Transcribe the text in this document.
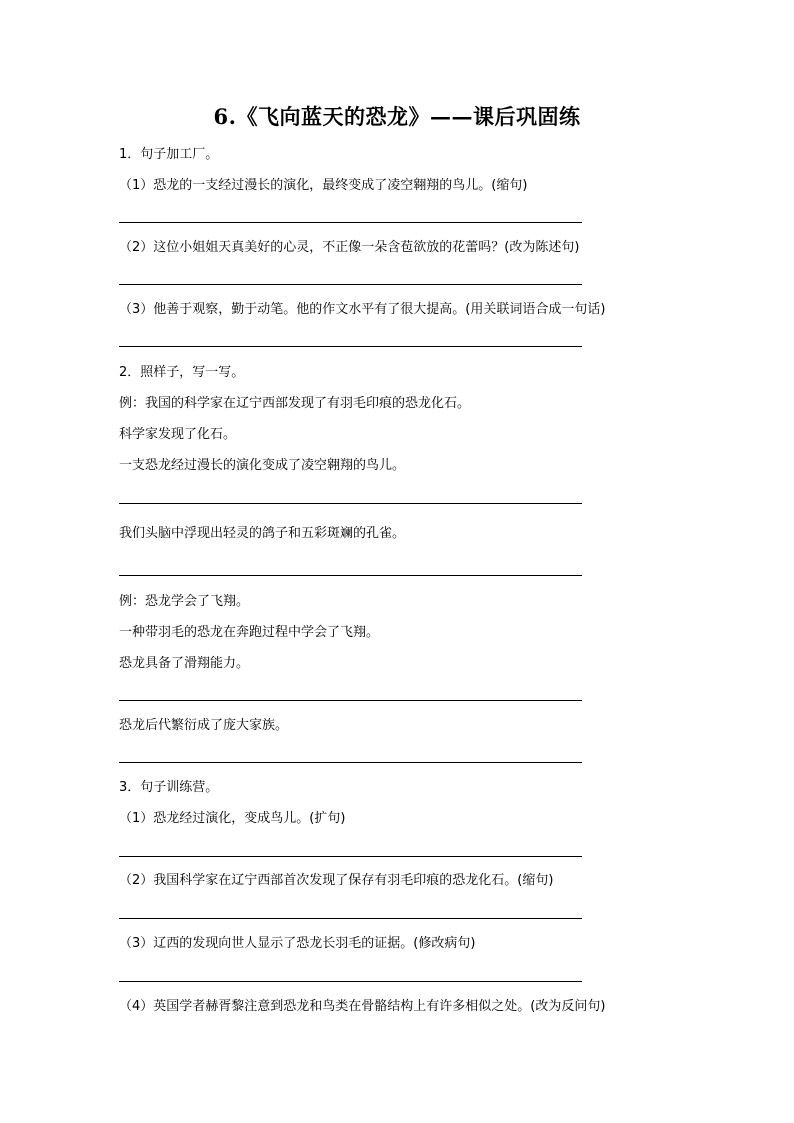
6.《飞向蓝天的恐龙》——课后巩固练
1．句子加工厂。
（1）恐龙的一支经过漫长的演化，最终变成了凌空翱翔的鸟儿。(缩句)
（2）这位小姐姐天真美好的心灵，不正像一朵含苞欲放的花蕾吗？(改为陈述句)
（3）他善于观察，勤于动笔。他的作文水平有了很大提高。(用关联词语合成一句话)
2．照样子，写一写。
例：我国的科学家在辽宁西部发现了有羽毛印痕的恐龙化石。
科学家发现了化石。
一支恐龙经过漫长的演化变成了凌空翱翔的鸟儿。
我们头脑中浮现出轻灵的鸽子和五彩斑斓的孔雀。
例：恐龙学会了飞翔。
一种带羽毛的恐龙在奔跑过程中学会了飞翔。
恐龙具备了滑翔能力。
恐龙后代繁衍成了庞大家族。
3．句子训练营。
（1）恐龙经过演化，变成鸟儿。(扩句)
（2）我国科学家在辽宁西部首次发现了保存有羽毛印痕的恐龙化石。(缩句)
（3）辽西的发现向世人显示了恐龙长羽毛的证据。(修改病句)
（4）英国学者赫胥黎注意到恐龙和鸟类在骨骼结构上有许多相似之处。(改为反问句)
